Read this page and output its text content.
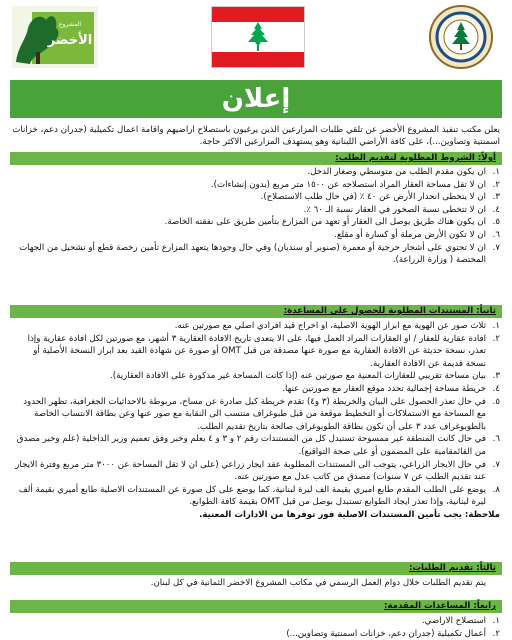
المشروع
الأخضر
إعلان
يعلن مكتب تنفيذ المشروع الأخضر عن تلقي طلبات المزارعين الذين يرغبون باستصلاح اراضيهم واقامة اعمال تكميلية (جدران دعم، خزانات اسمنتية وتصاوين...)، على كافة الأراضي اللبنانية وهو يستهدف المزارعين الاكثر حاجة.
أولاً: الشروط المطلوبة لتقديم الطلب:
١.
ان يكون مقدم الطلب من متوسطي وصغار الدخل.
٢.
ان لا تقل مساحة العقار المراد استصلاحه عن ١٥٠٠ متر مربع (بدون إنشاءات).
٣.
ان لا يتخطى انحدار الأرض عن ٤٠ ٪ (في حال طلب الاستصلاح).
٤.
ان لا تتخطى نسبة الصخور في العقار نسبة الـ ٦٠ ٪.
٥.
ان يكون هناك طريق يوصل الى العقار أو تعهد من المزارع بتأمين طريق على نفقته الخاصة.
٦.
ان لا تكون الأرض مرملة أو كسارة أو مقلع.
٧.
ان لا تحتوي على أشجار حرجية أو معمرة (صنوبر أو سنديان) وفي حال وجودها يتعهد المزارع تأمين رخصة قطع أو تشحيل من الجهات المختصة ( وزارة الزراعة).
ثانياً: المستندات المطلوبة للحصول على المساعدة:
١.
ثلاث صور عن الهوية مع ابراز الهوية الاصلية، او اخراج قيد افرادي اصلي مع صورتين عنه.
٢.
افادة عقارية للعقار / او العقارات المراد العمل فيها، على الا يتعدى تاريخ الافادة العقارية ٣ أشهر، مع صورتين لكل افادة عقارية وإذا تعذر، نسخة حديثة عن الافادة العقارية مع صورة عنها مصدقة من قبل OMT أو صورة عن شهادة القيد بعد ابراز النسخة الأصلية أو نسخة قديمة عن الافادة العقارية.
٣.
بيان مساحة تقريبي للعقارات المعنية مع صورتين عنه (إذا كانت المساحة غير مذكورة على الافادة العقارية).
٤.
خريطة مساحة إجمالية تحدد موقع العقار مع صورتين عنها.
٥.
في حال تعذر الحصول على البيان والخريطة (٣ و٤) تقدم خريطة كيل صادرة عن مساح، مربوطة بالاحداثيات الجغرافية، تظهر الحدود مع المساحة مع الاستملاكات أو التخطيط موقعة من قبل طبوغراف منتسب الى النقابة مع صور عنها وعن بطاقة الانتساب الخاصة بالطوبوغراف عدد ٣ على أن تكون بطاقة الطوبوغراف صالحة بتاريخ تقديم الطلب.
٦.
في حال كانت المنطقة غير ممسوحة تستبدل كل من المستندات رقم ٢ و ٣ و ٤ بعلم وخبر وفق تعميم وزير الداخلية (علم وخبر مصدق من القائمقامية على المضمون أو على صحة التواقيع).
٧.
في حال الايجار الزراعي، يتوجب الى المستندات المطلوبة عقد ايجار زراعي (على ان لا تقل المساحة عن ٣٠٠٠ متر مربع وفترة الايجار عند تقديم الطلب عن ٧ سنوات) مصدق من كاتب عدل مع صورتين عنه.
٨.
يوضع على الطلب المقدم طابع اميري بقيمة الف ليرة لبنانية، كما يوضع على كل صورة عن المستندات الاصلية طابع أميري بقيمة ألف ليرة لبنانية، وإذا تعذر ايجاد الطوابع تستبدل بوصل من قبل OMT بقيمة كافة الطوابع.
ملاحظة: يجب تأمين المستندات الاصلية فور توفرها من الادارات المعنية.
ثالثاً: تقديم الطلبات:
يتم تقديم الطلبات خلال دوام العمل الرسمي في مكاتب المشروع الاخضر الثمانية في كل لبنان.
رابعاً: المساعدات المقدمة:
١.
استصلاح الاراضي.
٢.
أعمال تكميلية (جدران دعم، خزانات اسمنتية وتصاوين...)
